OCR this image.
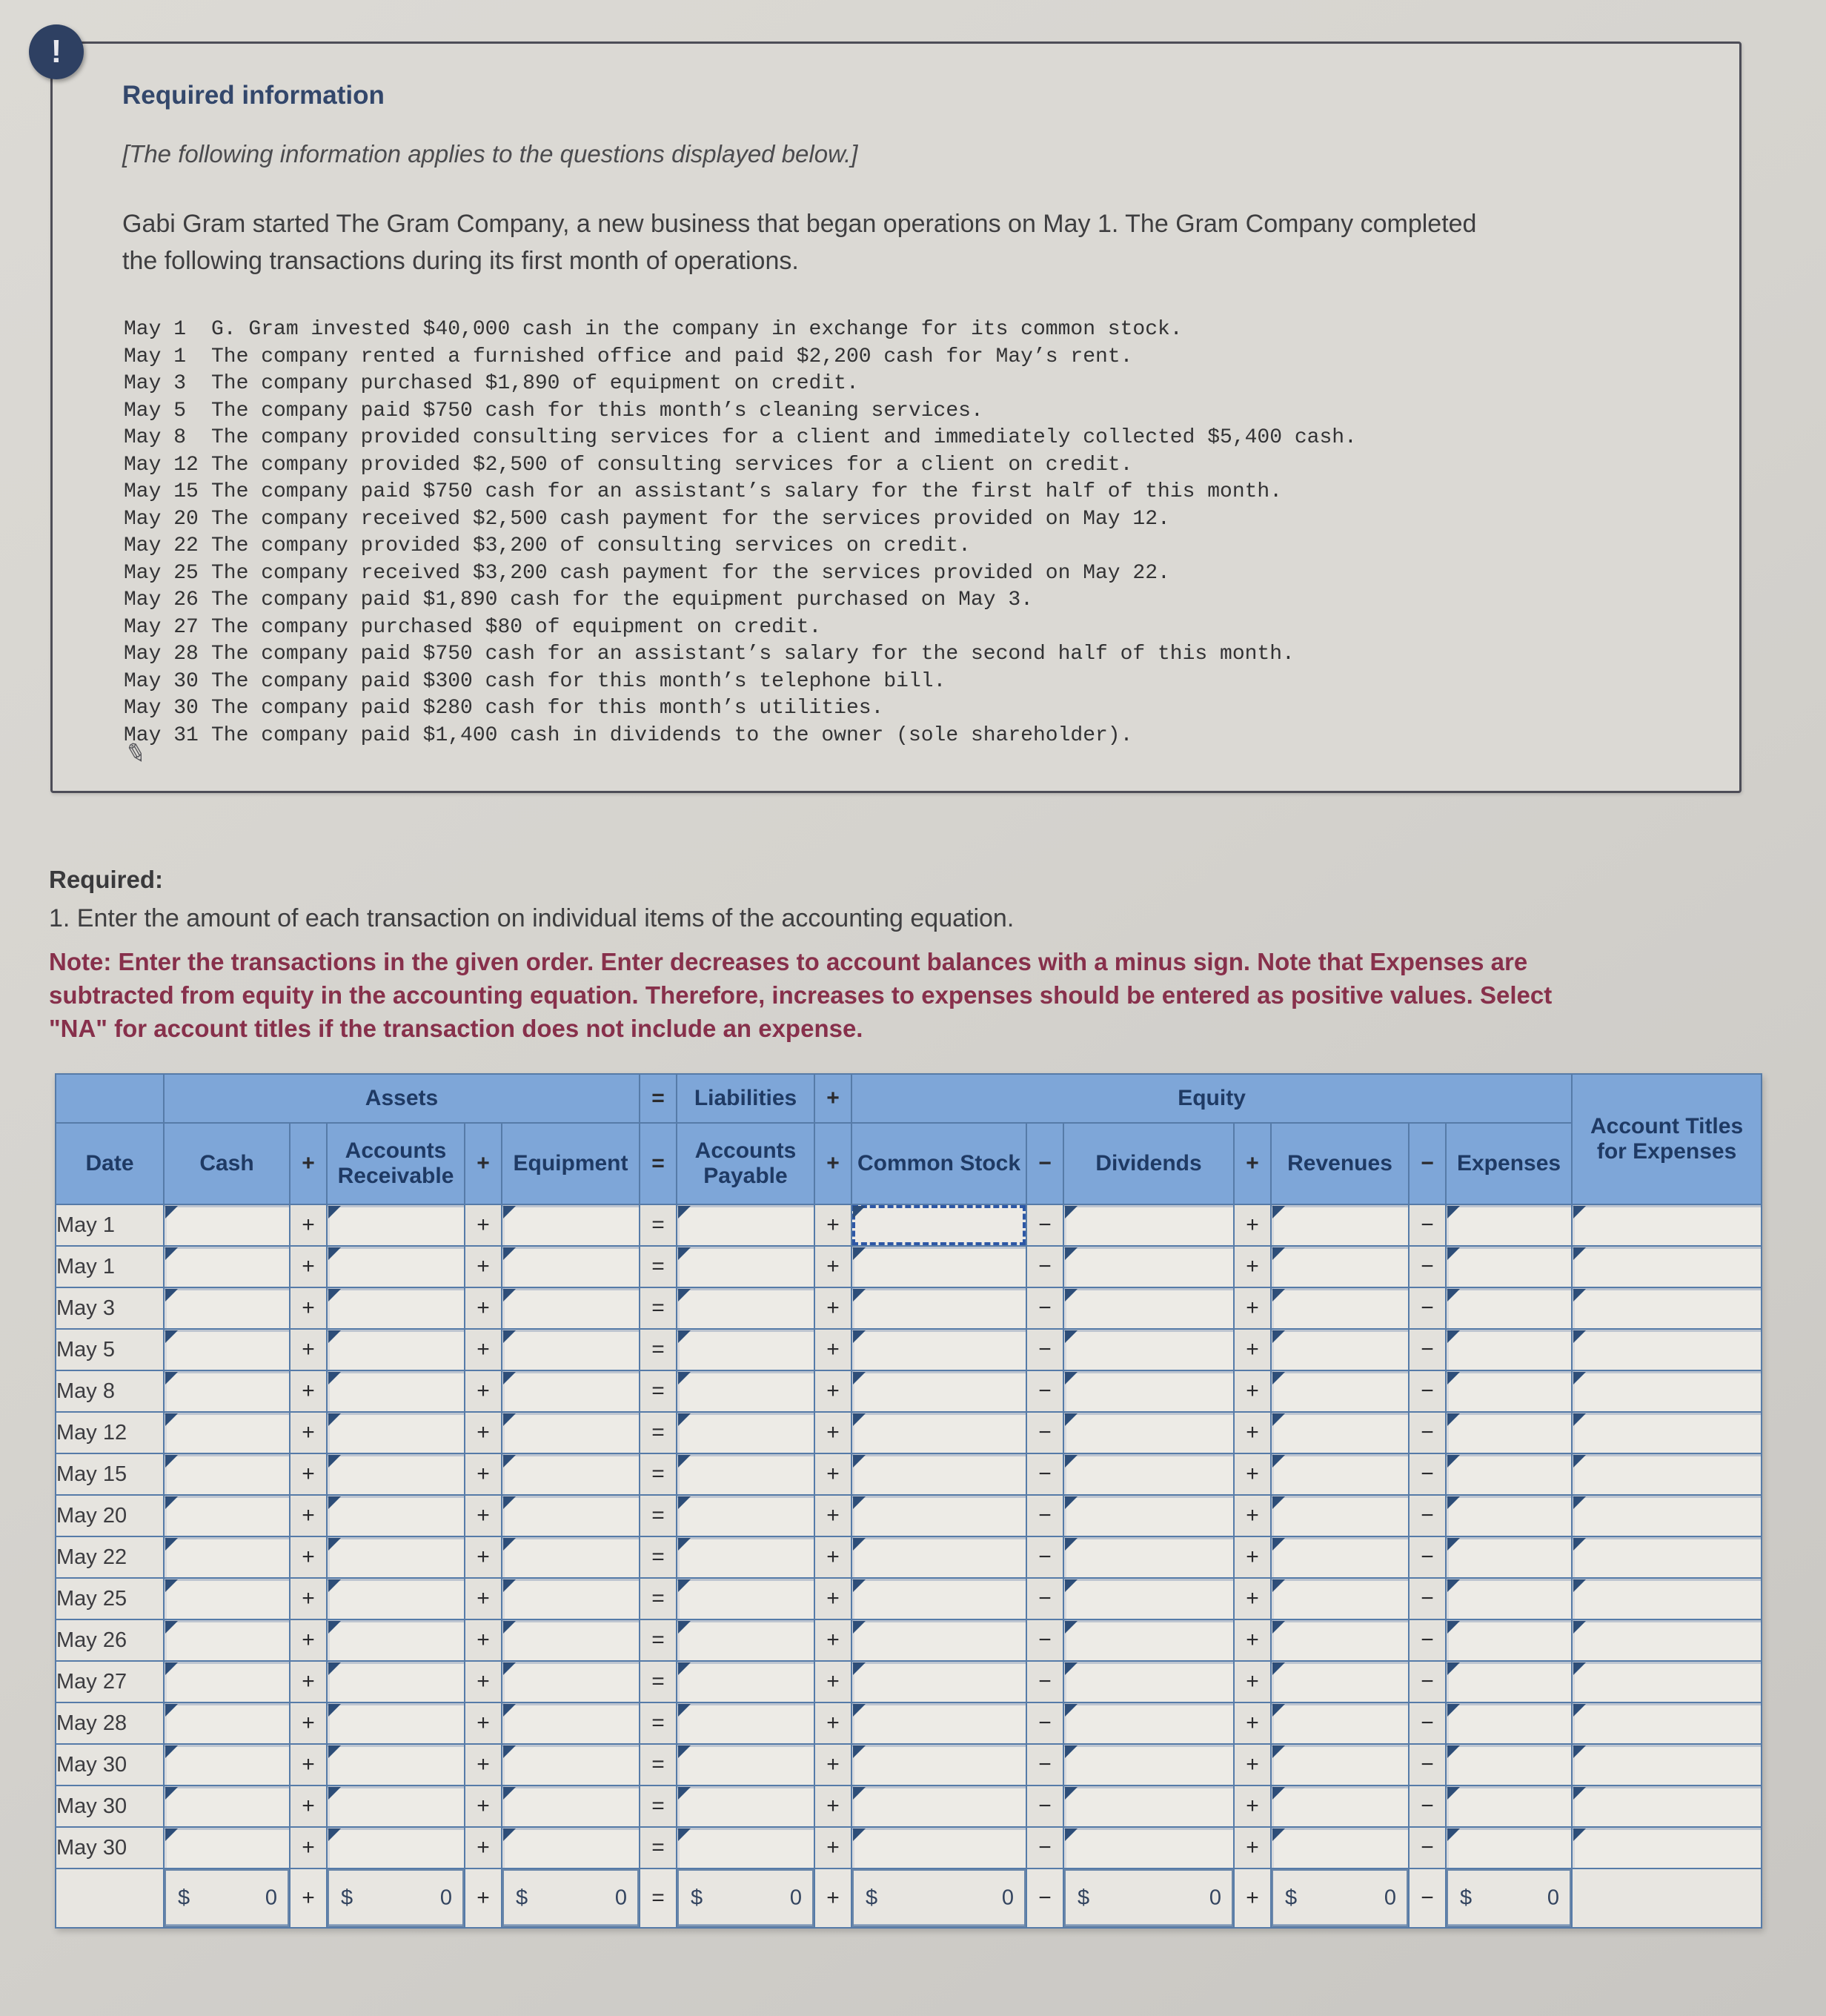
!
Required information
[The following information applies to the questions displayed below.]
Gabi Gram started The Gram Company, a new business that began operations on May 1. The Gram Company completed
the following transactions during its first month of operations.
May 1	G. Gram invested $40,000 cash in the company in exchange for its common stock.
May 1	The company rented a furnished office and paid $2,200 cash for May’s rent.
May 3	The company purchased $1,890 of equipment on credit.
May 5	The company paid $750 cash for this month’s cleaning services.
May 8	The company provided consulting services for a client and immediately collected $5,400 cash.
May 12 The company provided $2,500 of consulting services for a client on credit.
May 15 The company paid $750 cash for an assistant’s salary for the first half of this month.
May 20 The company received $2,500 cash payment for the services provided on May 12.
May 22 The company provided $3,200 of consulting services on credit.
May 25 The company received $3,200 cash payment for the services provided on May 22.
May 26 The company paid $1,890 cash for the equipment purchased on May 3.
May 27 The company purchased $80 of equipment on credit.
May 28 The company paid $750 cash for an assistant’s salary for the second half of this month.
May 30 The company paid $300 cash for this month’s telephone bill.
May 30 The company paid $280 cash for this month’s utilities.
May 31 The company paid $1,400 cash in dividends to the owner (sole shareholder).
✎
Required:
1. Enter the amount of each transaction on individual items of the accounting equation.
Note: Enter the transactions in the given order. Enter decreases to account balances with a minus sign. Note that Expenses are
subtracted from equity in the accounting equation. Therefore, increases to expenses should be entered as positive values. Select
"NA" for account titles if the transaction does not include an expense.
	Assets					=	Liabilities	+	Equity							Account Titles for Expenses
Date	Cash	+	Accounts Receivable	+	Equipment	=	Accounts Payable	+	Common Stock	−	Dividends	+	Revenues	−	Expenses	
May 1		+		+		=		+		−		+		−	

May 1		+		+		=		+		−		+		−	

May 3		+		+		=		+		−		+		−	

May 5		+		+		=		+		−		+		−	

May 8		+		+		=		+		−		+		−	

May 12		+		+		=		+		−		+		−	

May 15		+		+		=		+		−		+		−	

May 20		+		+		=		+		−		+		−	

May 22		+		+		=		+		−		+		−	

May 25		+		+		=		+		−		+		−	

May 26		+		+		=		+		−		+		−	

May 27		+		+		=		+		−		+		−	

May 28		+		+		=		+		−		+		−	

May 30		+		+		=		+		−		+		−	

May 30		+		+		=		+		−		+		−	

May 30		+		+		=		+		−		+		−	

	$ 0	+	$ 0	+	$ 0	=	$ 0	+	$ 0	−	$ 0	+	$ 0	−	$ 0	
